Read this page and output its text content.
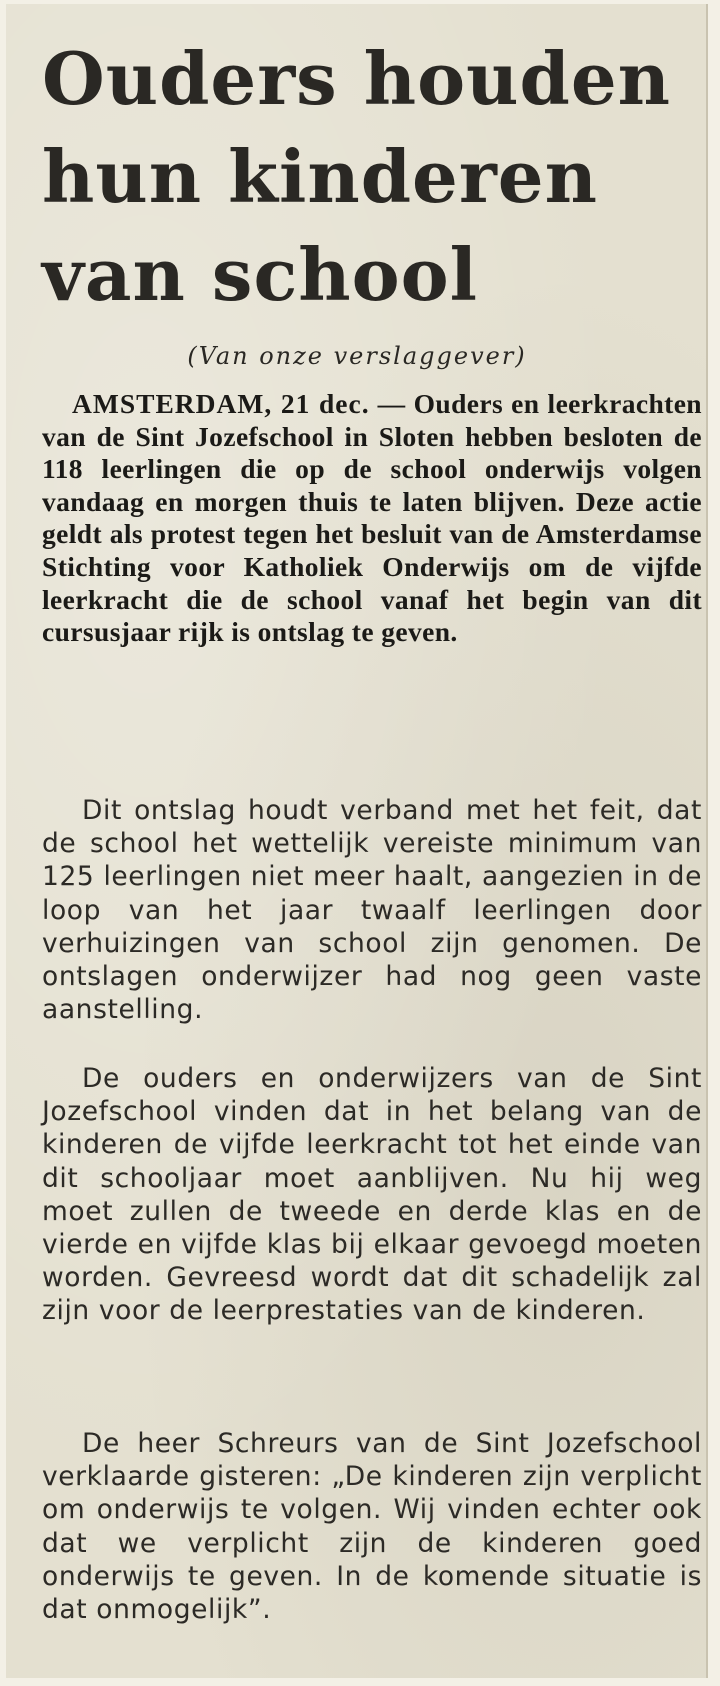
Ouders houden
hun kinderen
van school
(Van onze verslaggever)

AMSTERDAM, 21 dec. — Ouders en leerkrachten van de Sint Jozefschool in Sloten hebben besloten de 118 leerlingen die op de school onderwijs volgen vandaag en morgen thuis te laten blijven. Deze actie geldt als protest tegen het besluit van de Amsterdamse Stichting voor Katholiek Onderwijs om de vijfde leerkracht die de school vanaf het begin van dit cursusjaar rijk is ontslag te geven.

Dit ontslag houdt verband met het feit, dat de school het wettelijk vereiste minimum van 125 leerlingen niet meer haalt, aangezien in de loop van het jaar twaalf leerlingen door verhuizingen van school zijn genomen. De ontslagen onderwijzer had nog geen vaste aanstelling.

De ouders en onderwijzers van de Sint Jozefschool vinden dat in het belang van de kinderen de vijfde leerkracht tot het einde van dit schooljaar moet aanblijven. Nu hij weg moet zullen de tweede en derde klas en de vierde en vijfde klas bij elkaar gevoegd moeten worden. Gevreesd wordt dat dit schadelijk zal zijn voor de leerprestaties van de kinderen.

De heer Schreurs van de Sint Jozefschool verklaarde gisteren: „De kinderen zijn verplicht om onderwijs te volgen. Wij vinden echter ook dat we verplicht zijn de kinderen goed onderwijs te geven. In de komende situatie is dat onmogelijk”.
